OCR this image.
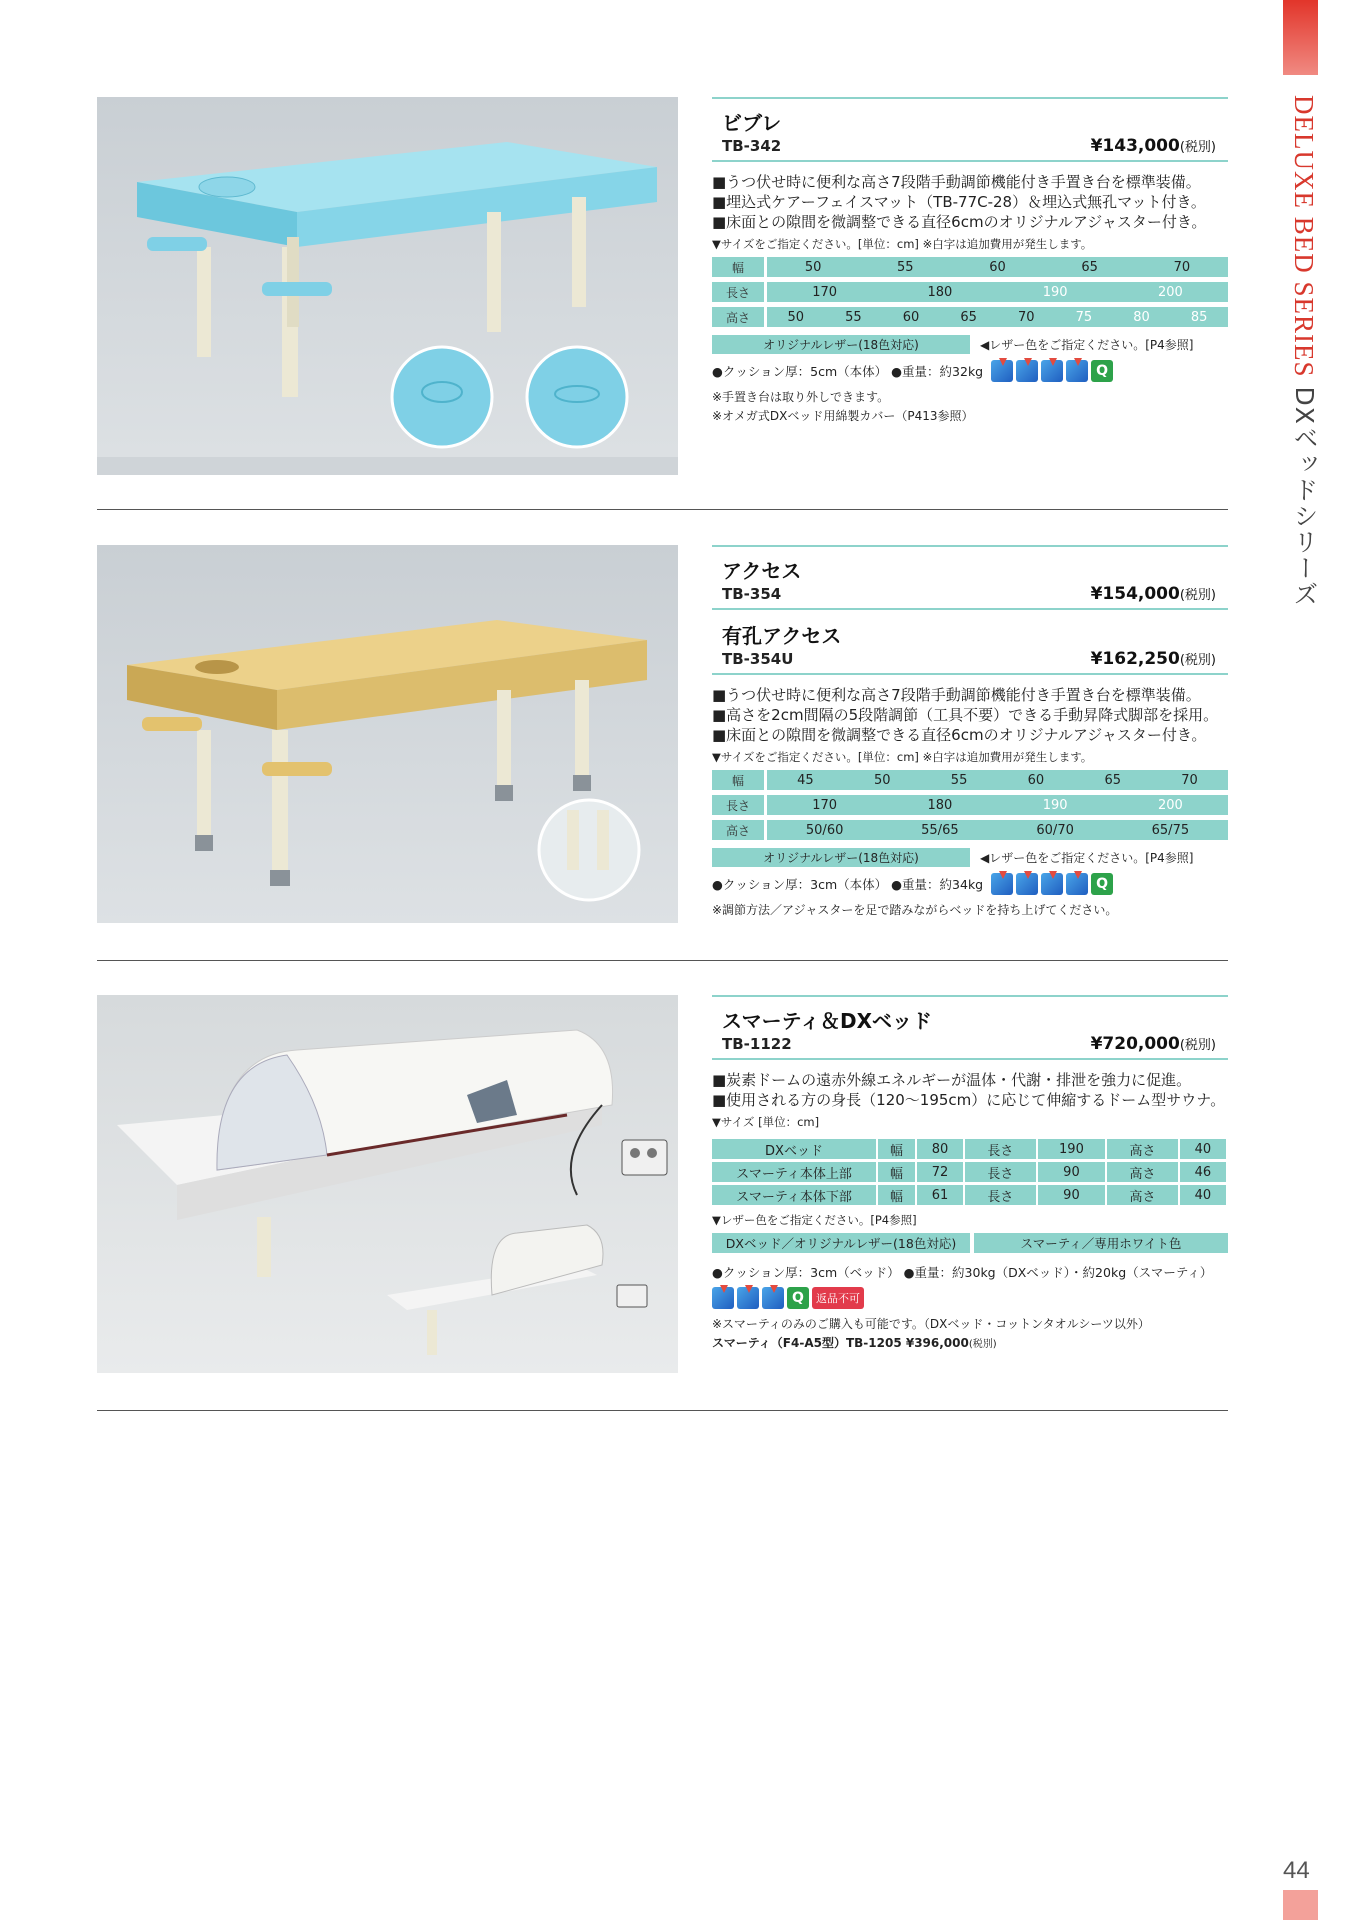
DELUXE BED SERIES DXベッドシリーズ
44
ビブレ
TB-342	¥143,000(税別)
■うつ伏せ時に便利な高さ7段階手動調節機能付き手置き台を標準装備。
■埋込式ケアーフェイスマット（TB-77C-28）＆埋込式無孔マット付き。
■床面との隙間を微調整できる直径6cmのオリジナルアジャスター付き。
▼サイズをご指定ください。[単位：cm] ※白字は追加費用が発生します。
幅	50	55	60	65	70
長さ	170	180	190	200
高さ	50	55	60	65	70	75	80	85
オリジナルレザー(18色対応)	◀レザー色をご指定ください。[P4参照]
●クッション厚：5cm（本体） ●重量：約32kg	Q
※手置き台は取り外しできます。
※オメガ式DXベッド用綿製カバー（P413参照）
アクセス
TB-354	¥154,000(税別)
有孔アクセス
TB-354U	¥162,250(税別)
■うつ伏せ時に便利な高さ7段階手動調節機能付き手置き台を標準装備。
■高さを2cm間隔の5段階調節（工具不要）できる手動昇降式脚部を採用。
■床面との隙間を微調整できる直径6cmのオリジナルアジャスター付き。
▼サイズをご指定ください。[単位：cm] ※白字は追加費用が発生します。
幅	45	50	55	60	65	70
長さ	170	180	190	200
高さ	50/60	55/65	60/70	65/75
オリジナルレザー(18色対応)	◀レザー色をご指定ください。[P4参照]
●クッション厚：3cm（本体） ●重量：約34kg	Q
※調節方法／アジャスターを足で踏みながらベッドを持ち上げてください。
スマーティ＆DXベッド
TB-1122	¥720,000(税別)
■炭素ドームの遠赤外線エネルギーが温体・代謝・排泄を強力に促進。
■使用される方の身長（120〜195cm）に応じて伸縮するドーム型サウナ。
▼サイズ [単位：cm]
DXベッド	幅	80	長さ	190	高さ	40
スマーティ本体上部	幅	72	長さ	90	高さ	46
スマーティ本体下部	幅	61	長さ	90	高さ	40
▼レザー色をご指定ください。[P4参照]
DXベッド／オリジナルレザー(18色対応)	スマーティ／専用ホワイト色
●クッション厚：3cm（ベッド） ●重量：約30kg（DXベッド）・約20kg（スマーティ）
Q	返品不可
※スマーティのみのご購入も可能です。（DXベッド・コットンタオルシーツ以外）
スマーティ（F4-A5型）TB-1205 ¥396,000(税別)
